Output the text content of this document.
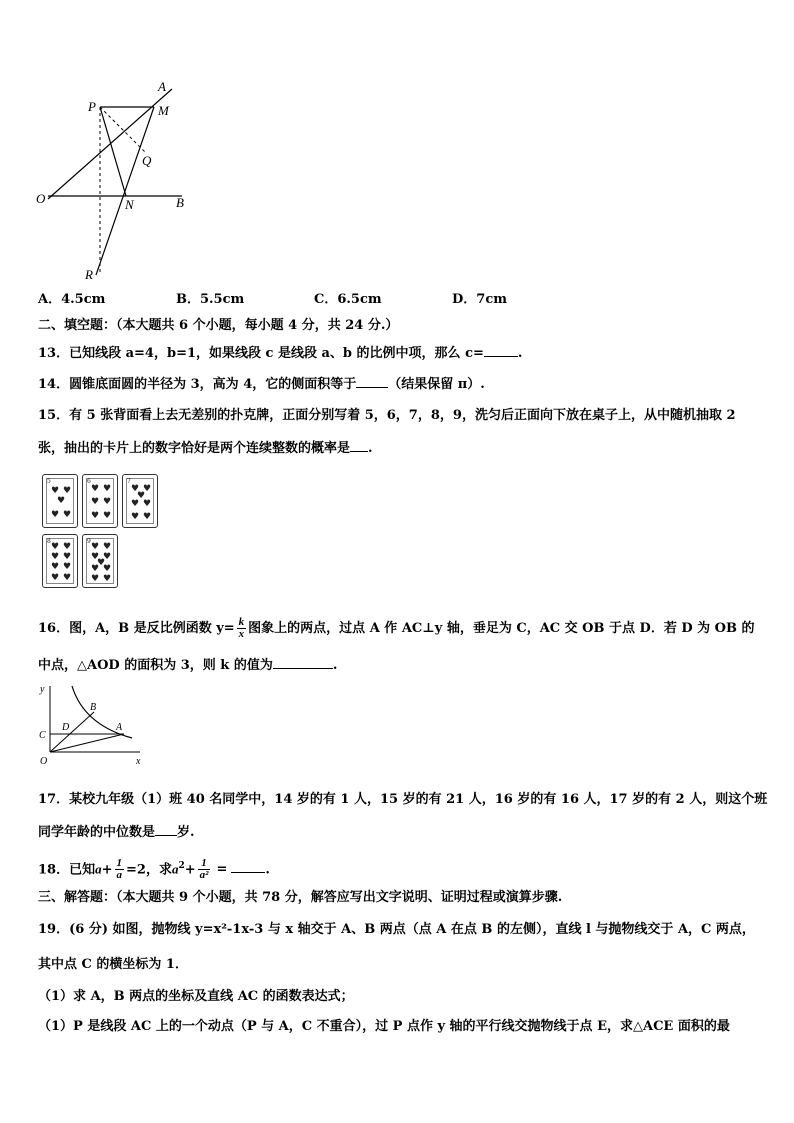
P
A
M
Q
O	N	B
R
A．4.5cm	B．5.5cm	C．6.5cm	D．7cm
二、填空题：（本大题共 6 个小题，每小题 4 分，共 24 分.）
13．已知线段 a=4，b=1，如果线段 c 是线段 a、b 的比例中项，那么 c=	.
14．圆锥底面圆的半径为 3，高为 4，它的侧面积等于 （结果保留 π）.
15．有 5 张背面看上去无差别的扑克牌，正面分别写着 5，6，7，8，9，洗匀后正面向下放在桌子上，从中随机抽取 2
张，抽出的卡片上的数字恰好是两个连续整数的概率是 .
5
♥ ♥
♥
♥ ♥
6
♥ ♥
♥ ♥
♥ ♥
7
♥ ♥
♥
♥ ♥
♥ ♥
8
♥ ♥
♥ ♥
♥ ♥
♥ ♥
9
♥ ♥
♥ ♥
♥
♥ ♥
♥ ♥
16．图，A，B 是反比例函数 $y= \frac{k}{x}$ 图象上的两点，过点 A 作 AC⊥y 轴，垂足为 C，AC 交 OB 于点 D．若 D 为 OB 的
中点，△AOD 的面积为 3，则 k 的值为	.
y
B
D	A
C
O	x
17．某校九年级（1）班 40 名同学中，14 岁的有 1 人，15 岁的有 21 人，16 岁的有 16 人，17 岁的有 2 人，则这个班
同学年龄的中位数是 岁.
18．已知$a+ \frac{1}{a} =2$，求$a^2+ \frac{1}{\text{a²}}$ =	.
三、解答题：（本大题共 9 个小题，共 78 分，解答应写出文字说明、证明过程或演算步骤.
19．(6 分) 如图，抛物线 y=x²-1x-3 与 x 轴交于 A、B 两点（点 A 在点 B 的左侧），直线 l 与抛物线交于 A，C 两点，
其中点 C 的横坐标为 1．
（1）求 A，B 两点的坐标及直线 AC 的函数表达式；
（1）P 是线段 AC 上的一个动点（P 与 A，C 不重合），过 P 点作 y 轴的平行线交抛物线于点 E，求△ACE 面积的最
